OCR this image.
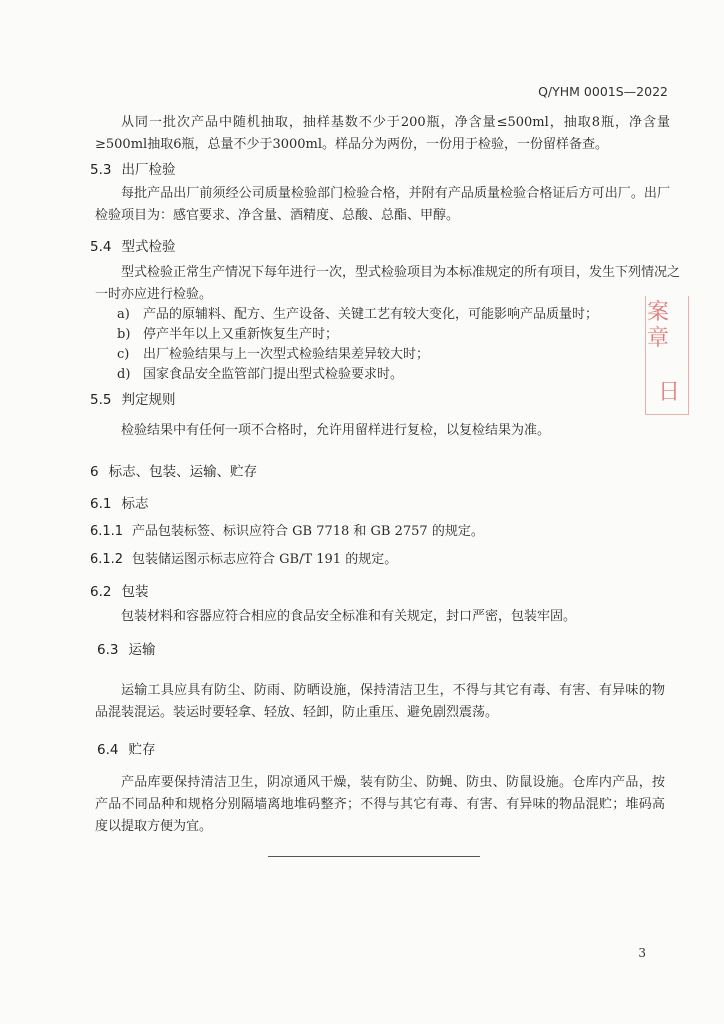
Q/YHM 0001S—2022

从同一批次产品中随机抽取，抽样基数不少于200瓶，净含量≤500ml，抽取8瓶，净含量≥500ml抽取6瓶，总量不少于3000ml。样品分为两份，一份用于检验，一份留样备查。

5.3 出厂检验

每批产品出厂前须经公司质量检验部门检验合格，并附有产品质量检验合格证后方可出厂。出厂检验项目为：感官要求、净含量、酒精度、总酸、总酯、甲醇。

5.4 型式检验

型式检验正常生产情况下每年进行一次，型式检验项目为本标准规定的所有项目，发生下列情况之一时亦应进行检验。

a) 产品的原辅料、配方、生产设备、关键工艺有较大变化，可能影响产品质量时；
b) 停产半年以上又重新恢复生产时；
c) 出厂检验结果与上一次型式检验结果差异较大时；
d) 国家食品安全监管部门提出型式检验要求时。
5.5 判定规则

检验结果中有任何一项不合格时，允许用留样进行复检，以复检结果为准。

6 标志、包装、运输、贮存
6.1 标志
6.1.1 产品包装标签、标识应符合 GB 7718 和 GB 2757 的规定。
6.1.2 包装储运图示标志应符合 GB/T 191 的规定。
6.2 包装

包装材料和容器应符合相应的食品安全标准和有关规定，封口严密，包装牢固。

6.3 运输

运输工具应具有防尘、防雨、防晒设施，保持清洁卫生，不得与其它有毒、有害、有异味的物品混装混运。装运时要轻拿、轻放、轻卸，防止重压、避免剧烈震荡。

6.4 贮存

产品库要保持清洁卫生，阴凉通风干燥，装有防尘、防蝇、防虫、防鼠设施。仓库内产品，按产品不同品种和规格分别隔墙离地堆码整齐；不得与其它有毒、有害、有异味的物品混贮；堆码高度以提取方便为宜。

案章
日
3
